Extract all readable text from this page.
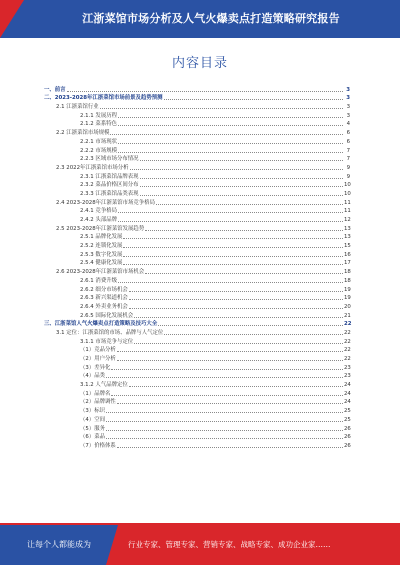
江浙菜馆市场分析及人气火爆卖点打造策略研究报告
内容目录
一、前言	3
二、2023-2028年江浙菜馆市场前景及趋势预测	3
2.1 江浙菜馆行业	3
2.1.1 发展历程	3
2.1.2 菜系特色	4
2.2 江浙菜馆市场规模	6
2.2.1 市场现状	6
2.2.2 市场规模	7
2.2.3 区域市场分布情况	7
2.3 2022年江浙菜馆市场分析	9
2.3.1 江浙菜馆品牌表现	9
2.3.2 菜品价格区间分布	10
2.3.3 江浙菜馆品类表现	10
2.4 2023-2028年江浙菜馆市场竞争格局	11
2.4.1 竞争格局	11
2.4.2 头部品牌	12
2.5 2023-2028年江浙菜馆发展趋势	13
2.5.1 品牌化发展	13
2.5.2 连锁化发展	15
2.5.3 数字化发展	16
2.5.4 健康化发展	17
2.6 2023-2028年江浙菜馆市场机会	18
2.6.1 消费升级	18
2.6.2 细分市场机会	19
2.6.3 新兴渠道机会	19
2.6.4 外卖业务机会	20
2.6.5 国际化发展机会	21
三、江浙菜馆人气火爆卖点打造策略及技巧大全	22
3.1 定位：江浙菜馆的市场、品牌与人气定位	22
3.1.1 市场竞争与定位	22
（1）竞品分析	22
（2）用户分析	22
（3）差异化	23
（4）品类	23
3.1.2 人气品牌定位	24
（1）品牌名	24
（2）品牌调性	24
（3）标识	25
（4）空间	25
（5）服务	26
（6）菜品	26
（7）价格体系	26
让每个人都能成为	行业专家、管理专家、营销专家、战略专家、成功企业家……
